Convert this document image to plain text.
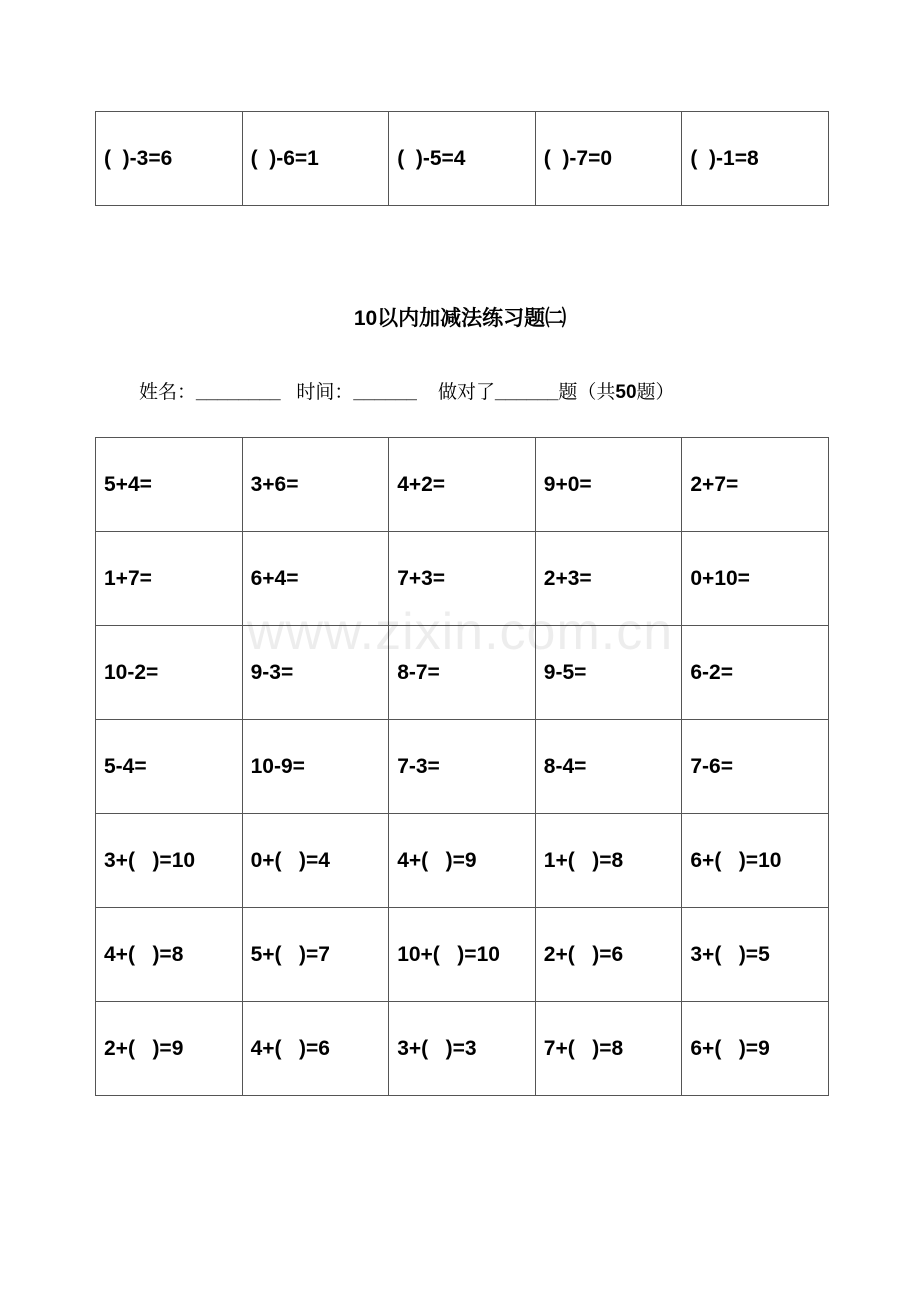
(  )-3=6	(  )-6=1	(  )-5=4	(  )-7=0	(  )-1=8
10以内加减法练习题㈡
姓名：________ 时间：______ 做对了______题（共50题）
5+4=	3+6=	4+2=	9+0=	2+7=
1+7=	6+4=	7+3=	2+3=	0+10=
10-2=	9-3=	8-7=	9-5=	6-2=
5-4=	10-9=	7-3=	8-4=	7-6=
3+(   )=10	0+(   )=4	4+(   )=9	1+(   )=8	6+(   )=10
4+(   )=8	5+(   )=7	10+(   )=10	2+(   )=6	3+(   )=5
2+(   )=9	4+(   )=6	3+(   )=3	7+(   )=8	6+(   )=9
www.zixin.com.cn
